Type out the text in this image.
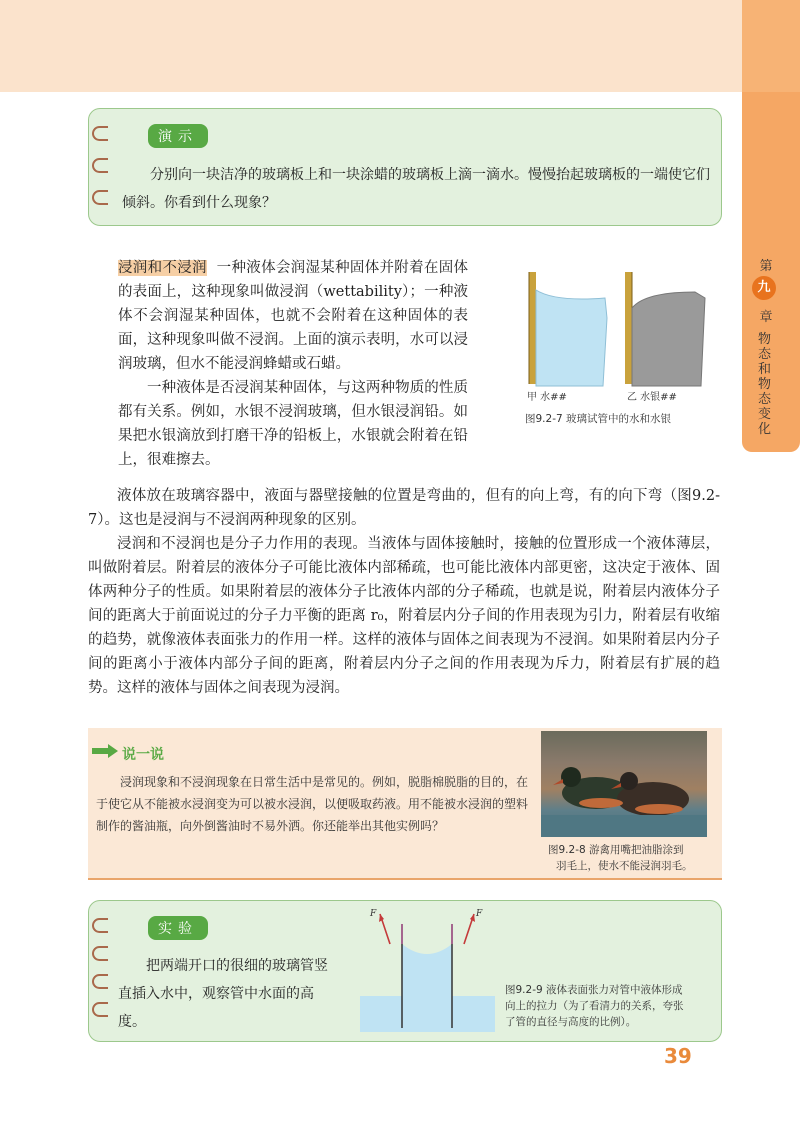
第
九
章
物态和物态变化
演示
分别向一块洁净的玻璃板上和一块涂蜡的玻璃板上滴一滴水。慢慢抬起玻璃板的一端使它们倾斜。你看到什么现象？

浸润和不浸润 一种液体会润湿某种固体并附着在固体的表面上，这种现象叫做浸润（wettability）；一种液体不会润湿某种固体，也就不会附着在这种固体的表面，这种现象叫做不浸润。上面的演示表明，水可以浸润玻璃，但水不能浸润蜂蜡或石蜡。

一种液体是否浸润某种固体，与这两种物质的性质都有关系。例如，水银不浸润玻璃，但水银浸润铅。如果把水银滴放到打磨干净的铅板上，水银就会附着在铅上，很难擦去。

甲 水##	乙 水银##
图9.2-7 玻璃试管中的水和水银

液体放在玻璃容器中，液面与器壁接触的位置是弯曲的，但有的向上弯，有的向下弯（图9.2-7）。这也是浸润与不浸润两种现象的区别。

浸润和不浸润也是分子力作用的表现。当液体与固体接触时，接触的位置形成一个液体薄层，叫做附着层。附着层的液体分子可能比液体内部稀疏，也可能比液体内部更密，这决定于液体、固体两种分子的性质。如果附着层的液体分子比液体内部的分子稀疏，也就是说，附着层内液体分子间的距离大于前面说过的分子力平衡的距离 r₀，附着层内分子间的作用表现为引力，附着层有收缩的趋势，就像液体表面张力的作用一样。这样的液体与固体之间表现为不浸润。如果附着层内分子间的距离小于液体内部分子间的距离，附着层内分子之间的作用表现为斥力，附着层有扩展的趋势。这样的液体与固体之间表现为浸润。

说一说
浸润现象和不浸润现象在日常生活中是常见的。例如，脱脂棉脱脂的目的，在于使它从不能被水浸润变为可以被水浸润，以便吸取药液。用不能被水浸润的塑料制作的酱油瓶，向外倒酱油时不易外洒。你还能举出其他实例吗？
图9.2-8 游禽用嘴把油脂涂到
羽毛上，使水不能浸润羽毛。
实验
把两端开口的很细的玻璃管竖直插入水中，观察管中水面的高度。
F	F
图9.2-9 液体表面张力对管中液体形成
向上的拉力（为了看清力的关系，夸张
了管的直径与高度的比例）。
39
